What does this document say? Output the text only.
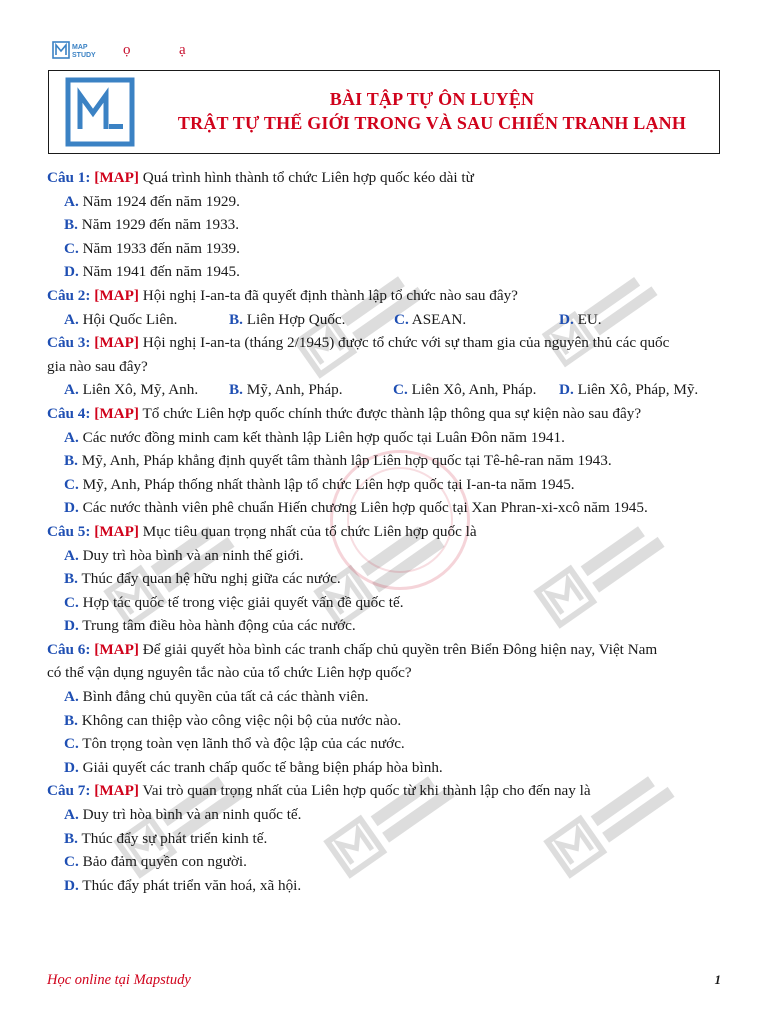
MAP
STUDY ọ	ạ
BÀI TẬP TỰ ÔN LUYỆN
TRẬT TỰ THẾ GIỚI TRONG VÀ SAU CHIẾN TRANH LẠNH
Câu 1: [MAP] Quá trình hình thành tổ chức Liên hợp quốc kéo dài từ
A. Năm 1924 đến năm 1929.
B. Năm 1929 đến năm 1933.
C. Năm 1933 đến năm 1939.
D. Năm 1941 đến năm 1945.
Câu 2: [MAP] Hội nghị I-an-ta đã quyết định thành lập tổ chức nào sau đây?
A. Hội Quốc Liên.	B. Liên Hợp Quốc.	C. ASEAN.	D. EU.
Câu 3: [MAP] Hội nghị I-an-ta (tháng 2/1945) được tổ chức với sự tham gia của nguyên thủ các quốc
gia nào sau đây?
A. Liên Xô, Mỹ, Anh.	B. Mỹ, Anh, Pháp.	C. Liên Xô, Anh, Pháp.	D. Liên Xô, Pháp, Mỹ.
Câu 4: [MAP] Tổ chức Liên hợp quốc chính thức được thành lập thông qua sự kiện nào sau đây?
A. Các nước đồng minh cam kết thành lập Liên hợp quốc tại Luân Đôn năm 1941.
B. Mỹ, Anh, Pháp khẳng định quyết tâm thành lập Liên hợp quốc tại Tê-hê-ran năm 1943.
C. Mỹ, Anh, Pháp thống nhất thành lập tổ chức Liên hợp quốc tại I-an-ta năm 1945.
D. Các nước thành viên phê chuẩn Hiến chương Liên hợp quốc tại Xan Phran-xi-xcô năm 1945.
Câu 5: [MAP] Mục tiêu quan trọng nhất của tổ chức Liên hợp quốc là
A. Duy trì hòa bình và an ninh thế giới.
B. Thúc đẩy quan hệ hữu nghị giữa các nước.
C. Hợp tác quốc tế trong việc giải quyết vấn đề quốc tế.
D. Trung tâm điều hòa hành động của các nước.
Câu 6: [MAP] Để giải quyết hòa bình các tranh chấp chủ quyền trên Biển Đông hiện nay, Việt Nam
có thể vận dụng nguyên tắc nào của tổ chức Liên hợp quốc?
A. Bình đẳng chủ quyền của tất cả các thành viên.
B. Không can thiệp vào công việc nội bộ của nước nào.
C. Tôn trọng toàn vẹn lãnh thổ và độc lập của các nước.
D. Giải quyết các tranh chấp quốc tế bằng biện pháp hòa bình.
Câu 7: [MAP] Vai trò quan trọng nhất của Liên hợp quốc từ khi thành lập cho đến nay là
A. Duy trì hòa bình và an ninh quốc tế.
B. Thúc đẩy sự phát triển kinh tế.
C. Bảo đảm quyền con người.
D. Thúc đẩy phát triển văn hoá, xã hội.
Học online tại Mapstudy	1
